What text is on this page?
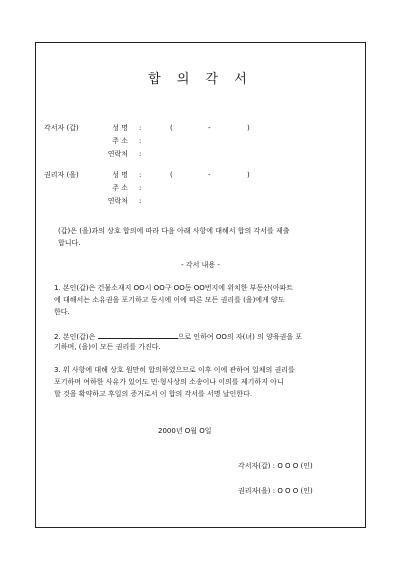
합 의 각 서
각서자 (갑)	성 명 :	(	-	)
주 소 :
연락처 :
권리자 (을)	성 명 :	(	-	)
주 소 :
연락처 :
(갑)은 (을)과의 상호 합의에 따라 다음 아래 사항에 대해서 합의 각서를 제출
합니다.
- 각서 내용 -
1. 본인(갑)은 건물소재지 OO시 OO구 OO동 OO번지에 위치한 부동산(아파트
에 대해서는 소유권을 포기하고 동시에 이에 따른 모든 권리를 (을)에게 양도
한다.
2. 본인(갑)은	으로 인하여 OO의 자(녀) 의 양육권을 포
기하며, (을)이 모든 권리를 가진다.
3. 위 사항에 대해 상호 원만히 합의하였으므로 이후 이에 관하여 일체의 권리를
포기하며 여하한 사유가 있어도 민·형사상의 소송이나 이의를 제기하지 아니
할 것을 확약하고 후일의 증거로서 이 합의 각서를 서명 날인한다.
2000년 O월 O일
각서자(갑) : O O O (인)
권리자(을) : O O O (인)
